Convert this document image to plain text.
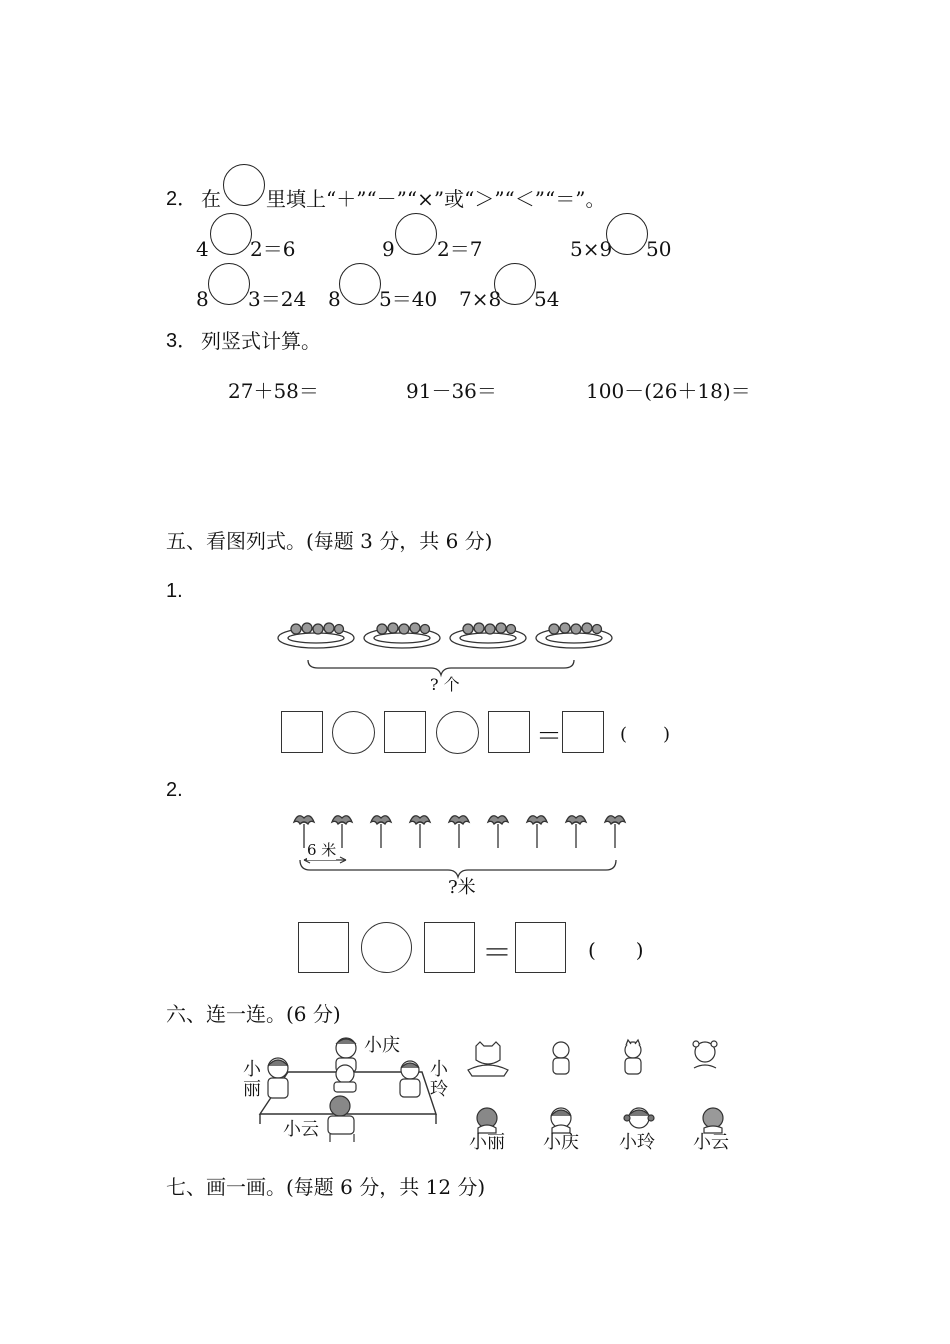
2． 在 里填上“＋”“－”“×”或“＞”“＜”“＝”。
4 2＝6	9 2＝7	5×9 50
8 3＝24 8 5＝40 7×8 54
3． 列竖式计算。
27＋58＝	91－36＝	100－(26＋18)＝
五、看图列式。(每题 3 分，共 6 分)
1.
? 个
＝	(　　)
2.
6 米
?米
＝	(　　)
六、连一连。(6 分)
小庆
小丽
小玲
小云
小丽 小庆 小玲 小云
七、画一画。(每题 6 分，共 12 分)
